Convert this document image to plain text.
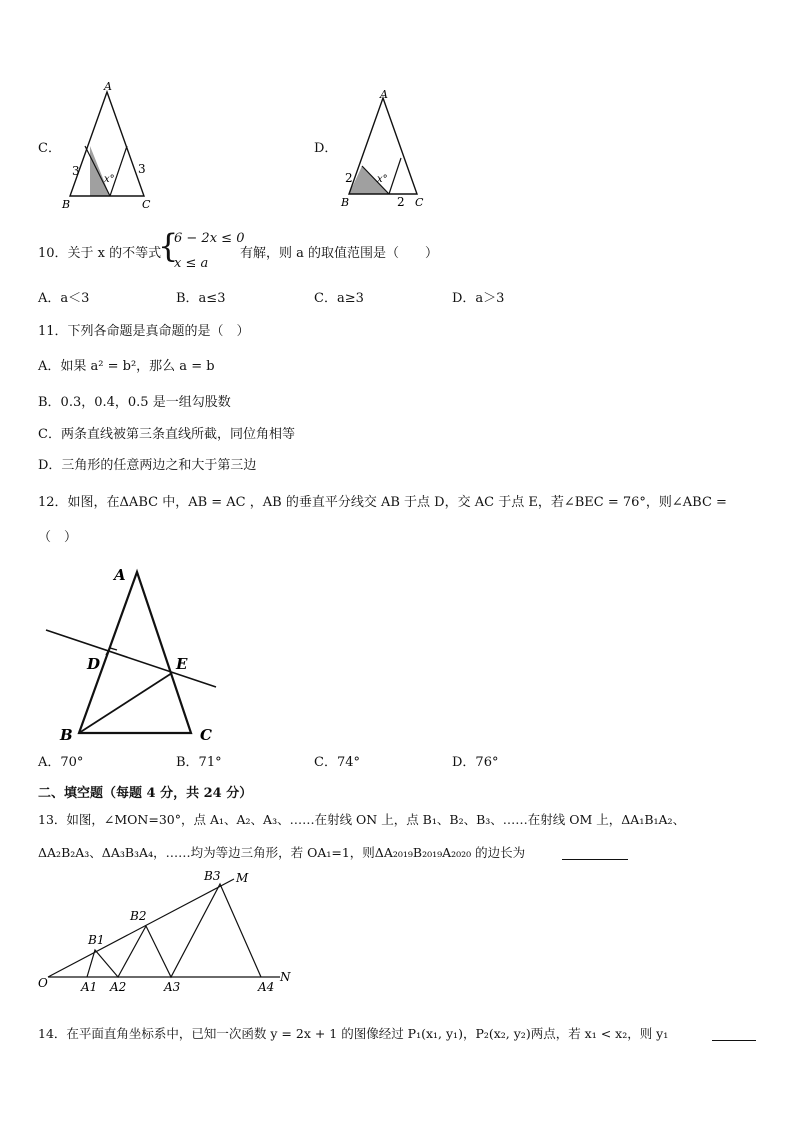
C．
A
B	C
3	3
x°
D．
A
B	C
2
2
x°
10．关于 x 的不等式
{
6 − 2x ≤ 0
x ≤ a
有解，则 a 的取值范围是（　　）
A．a＜3	B．a≤3	C．a≥3	D．a＞3
11．下列各命题是真命题的是（　）
A．如果 a² = b²，那么 a = b
B．0.3，0.4，0.5 是一组勾股数
C．两条直线被第三条直线所截，同位角相等
D．三角形的任意两边之和大于第三边
12．如图，在ΔABC 中，AB = AC ，AB 的垂直平分线交 AB 于点 D，交 AC 于点 E，若∠BEC = 76°，则∠ABC =
（　）
A
B	C
D	E
A．70°	B．71°	C．74°	D．76°
二、填空题（每题 4 分，共 24 分）
13．如图，∠MON=30°，点 A₁、A₂、A₃、……在射线 ON 上，点 B₁、B₂、B₃、……在射线 OM 上，ΔA₁B₁A₂、
ΔA₂B₂A₃、ΔA₃B₃A₄，……均为等边三角形，若 OA₁=1，则ΔA₂₀₁₉B₂₀₁₉A₂₀₂₀ 的边长为
O	N
M
A1 A2	A3	A4
B1
B2
B3
14．在平面直角坐标系中，已知一次函数 y = 2x + 1 的图像经过 P₁(x₁, y₁)，P₂(x₂, y₂)两点，若 x₁ < x₂，则 y₁
